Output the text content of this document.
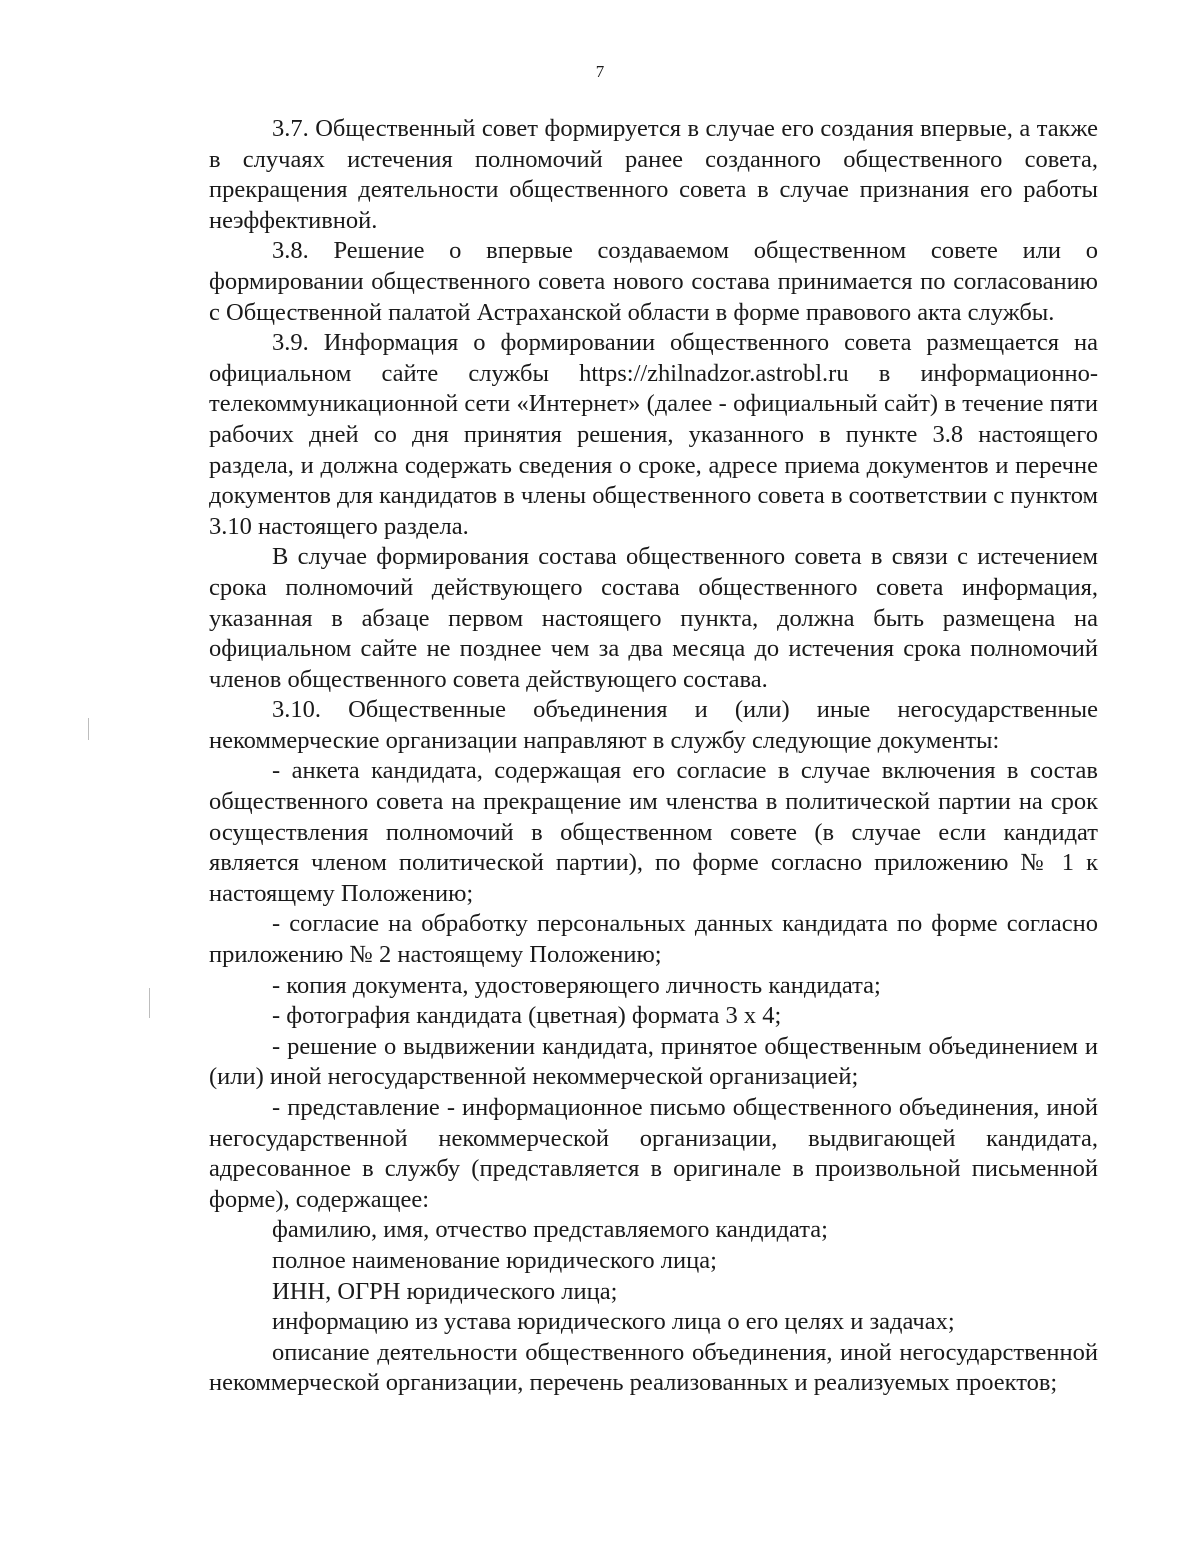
7

3.7. Общественный совет формируется в случае его создания впервые, а также в случаях истечения полномочий ранее созданного общественного совета, прекращения деятельности общественного совета в случае признания его работы неэффективной.

3.8. Решение о впервые создаваемом общественном совете или о формировании общественного совета нового состава принимается по согласованию с Общественной палатой Астраханской области в форме правового акта службы.

3.9. Информация о формировании общественного совета размещается на официальном сайте службы https://zhilnadzor.astrobl.ru в информационно-телекоммуникационной сети «Интернет» (далее - официальный сайт) в течение пяти рабочих дней со дня принятия решения, указанного в пункте 3.8 настоящего раздела, и должна содержать сведения о сроке, адресе приема документов и перечне документов для кандидатов в члены общественного совета в соответствии с пунктом 3.10 настоящего раздела.

В случае формирования состава общественного совета в связи с истечением срока полномочий действующего состава общественного совета информация, указанная в абзаце первом настоящего пункта, должна быть размещена на официальном сайте не позднее чем за два месяца до истечения срока полномочий членов общественного совета действующего состава.

3.10. Общественные объединения и (или) иные негосударственные некоммерческие организации направляют в службу следующие документы:

- анкета кандидата, содержащая его согласие в случае включения в состав общественного совета на прекращение им членства в политической партии на срок осуществления полномочий в общественном совете (в случае если кандидат является членом политической партии), по форме согласно приложению № 1 к настоящему Положению;

- согласие на обработку персональных данных кандидата по форме согласно приложению № 2 настоящему Положению;

- копия документа, удостоверяющего личность кандидата;

- фотография кандидата (цветная) формата 3 х 4;

- решение о выдвижении кандидата, принятое общественным объединением и (или) иной негосударственной некоммерческой организацией;

- представление - информационное письмо общественного объединения, иной негосударственной некоммерческой организации, выдвигающей кандидата, адресованное в службу (представляется в оригинале в произвольной письменной форме), содержащее:

фамилию, имя, отчество представляемого кандидата;

полное наименование юридического лица;

ИНН, ОГРН юридического лица;

информацию из устава юридического лица о его целях и задачах;

описание деятельности общественного объединения, иной негосударственной некоммерческой организации, перечень реализованных и реализуемых проектов;
